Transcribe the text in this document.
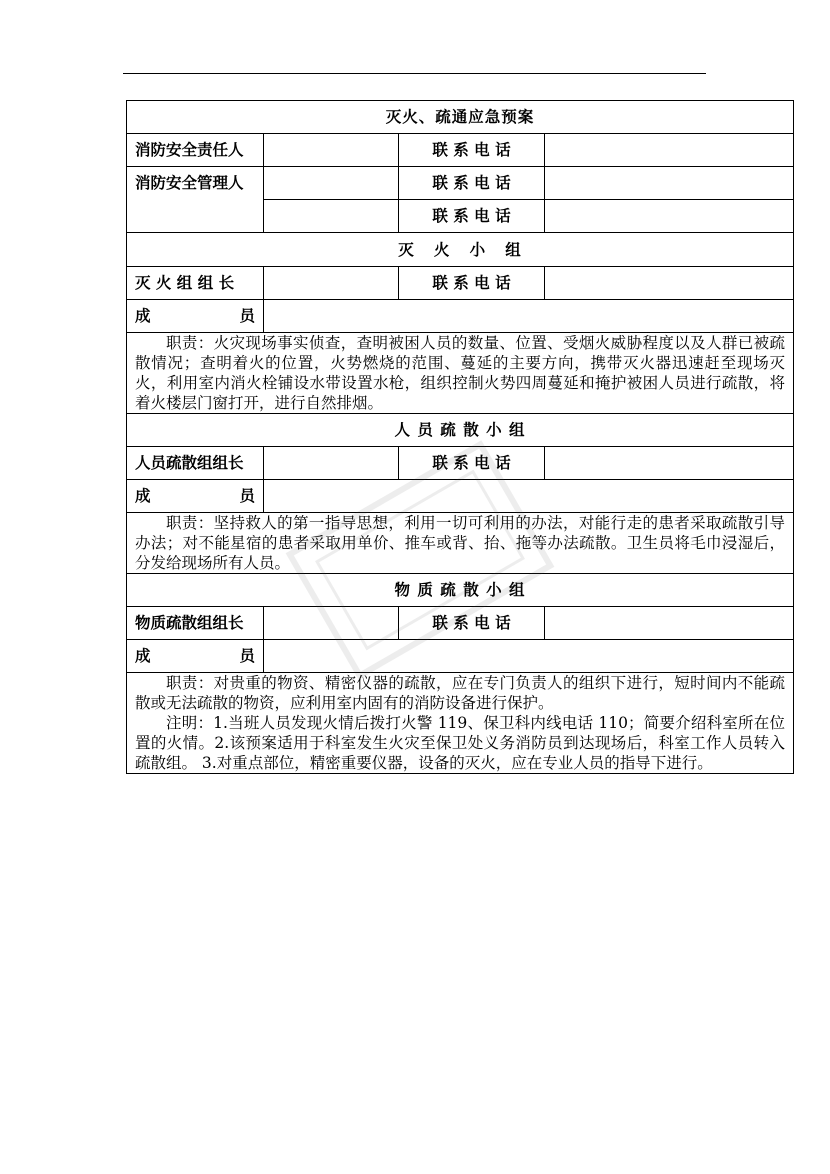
灭火、疏通应急预案			
消防安全责任人		联 系 电 话	
消防安全管理人		联 系 电 话	
		联 系 电 话	
灭   火   小   组			
灭 火 组 组 长		联 系 电 话	
成员			
职责：火灾现场事实侦查，查明被困人员的数量、位置、受烟火威胁程度以及人群已被疏散情况；查明着火的位置，火势燃烧的范围、蔓延的主要方向，携带灭火器迅速赶至现场灭火，利用室内消火栓铺设水带设置水枪，组织控制火势四周蔓延和掩护被困人员进行疏散，将着火楼层门窗打开，进行自然排烟。			
人 员 疏 散 小 组			
人员疏散组组长		联 系 电 话	
成员			
职责：坚持救人的第一指导思想，利用一切可利用的办法，对能行走的患者采取疏散引导办法；对不能星宿的患者采取用单价、推车或背、抬、拖等办法疏散。卫生员将毛巾浸湿后，分发给现场所有人员。			
物 质 疏 散 小 组			
物质疏散组组长		联 系 电 话	
成员			

职责：对贵重的物资、精密仪器的疏散，应在专门负责人的组织下进行，短时间内不能疏散或无法疏散的物资，应利用室内固有的消防设备进行保护。

注明：1.当班人员发现火情后拨打火警 119、保卫科内线电话 110；简要介绍科室所在位置的火情。2.该预案适用于科室发生火灾至保卫处义务消防员到达现场后，科室工作人员转入疏散组。 3.对重点部位，精密重要仪器，设备的灭火，应在专业人员的指导下进行。			
